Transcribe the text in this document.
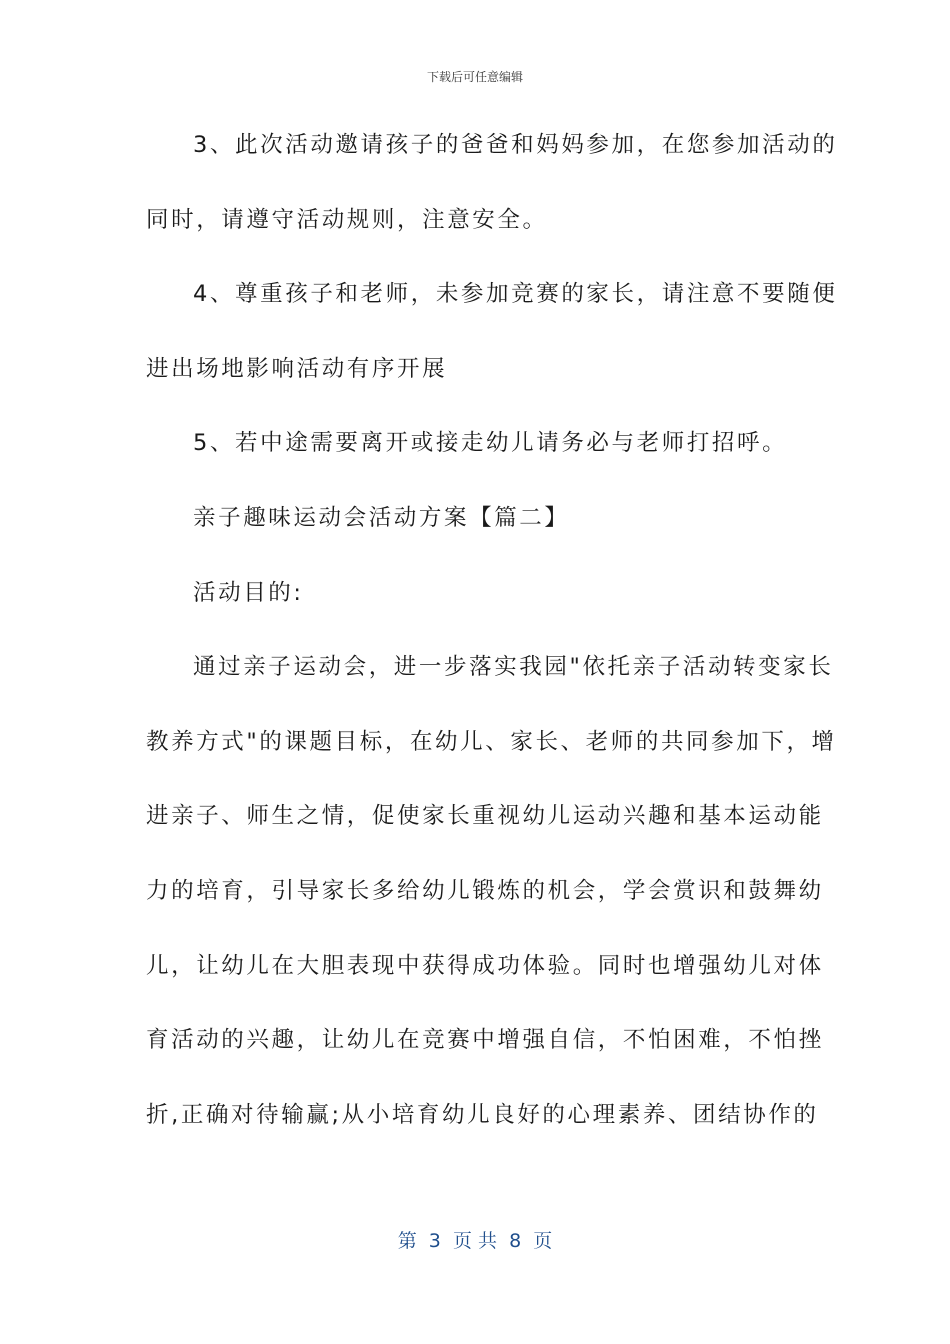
下载后可任意编辑
3、此次活动邀请孩子的爸爸和妈妈参加，在您参加活动的
同时，请遵守活动规则，注意安全。
4、尊重孩子和老师，未参加竞赛的家长，请注意不要随便
进出场地影响活动有序开展
5、若中途需要离开或接走幼儿请务必与老师打招呼。
亲子趣味运动会活动方案【篇二】
活动目的:
通过亲子运动会，进一步落实我园"依托亲子活动转变家长
教养方式"的课题目标，在幼儿、家长、老师的共同参加下，增
进亲子、师生之情，促使家长重视幼儿运动兴趣和基本运动能
力的培育，引导家长多给幼儿锻炼的机会，学会赏识和鼓舞幼
儿，让幼儿在大胆表现中获得成功体验。同时也增强幼儿对体
育活动的兴趣，让幼儿在竞赛中增强自信，不怕困难，不怕挫
折,正确对待输赢;从小培育幼儿良好的心理素养、团结协作的
第  3  页 共  8  页
